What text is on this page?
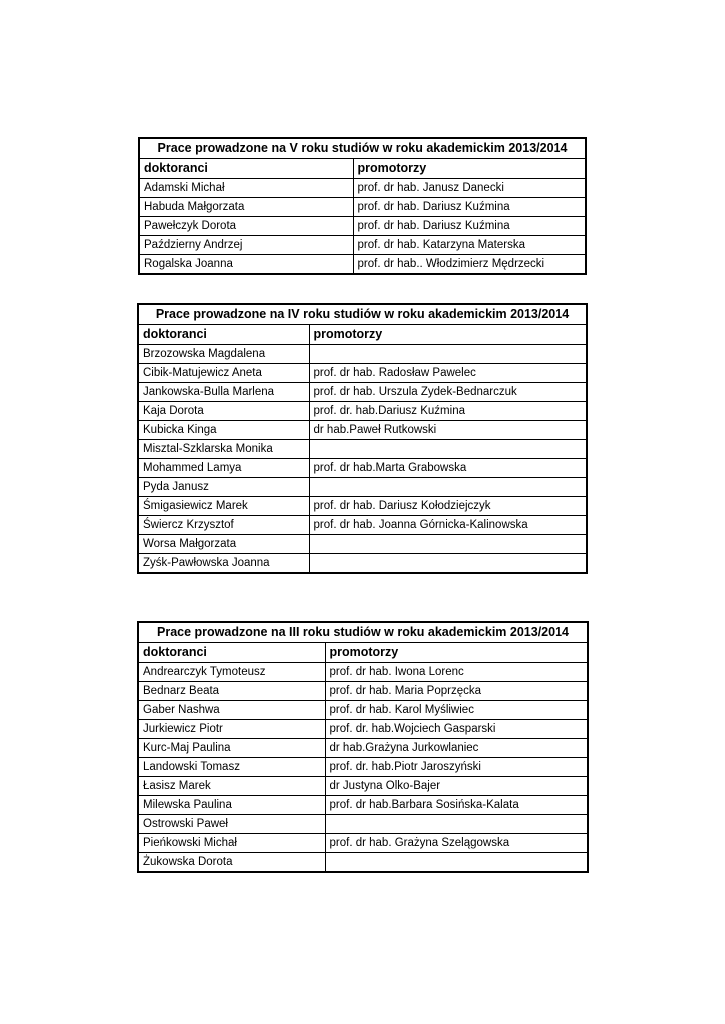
Prace prowadzone na V roku studiów w roku akademickim 2013/2014	
doktoranci	promotorzy
Adamski Michał	prof. dr hab. Janusz Danecki
Habuda Małgorzata	prof. dr hab. Dariusz Kuźmina
Pawełczyk Dorota	prof. dr hab. Dariusz Kuźmina
Październy Andrzej	prof. dr hab. Katarzyna Materska
Rogalska Joanna	prof. dr hab.. Włodzimierz Mędrzecki
Prace prowadzone na IV roku studiów w roku akademickim 2013/2014	
doktoranci	promotorzy
Brzozowska Magdalena	
Cibik-Matujewicz Aneta	prof. dr hab. Radosław Pawelec
Jankowska-Bulla Marlena	prof. dr hab. Urszula Zydek-Bednarczuk
Kaja Dorota	prof. dr. hab.Dariusz Kuźmina
Kubicka Kinga	dr hab.Paweł Rutkowski
Misztal-Szklarska Monika	
Mohammed Lamya	prof. dr hab.Marta Grabowska
Pyda Janusz	
Śmigasiewicz Marek	prof. dr hab. Dariusz Kołodziejczyk
Świercz Krzysztof	prof. dr hab. Joanna Górnicka-Kalinowska
Worsa Małgorzata	
Zyśk-Pawłowska Joanna	
Prace prowadzone na III roku studiów w roku akademickim 2013/2014	
doktoranci	promotorzy
Andrearczyk Tymoteusz	prof. dr hab. Iwona Lorenc
Bednarz Beata	prof. dr hab. Maria Poprzęcka
Gaber Nashwa	prof. dr hab. Karol Myśliwiec
Jurkiewicz Piotr	prof. dr. hab.Wojciech Gasparski
Kurc-Maj Paulina	dr hab.Grażyna Jurkowlaniec
Landowski Tomasz	prof. dr. hab.Piotr Jaroszyński
Łasisz Marek	dr Justyna Olko-Bajer
Milewska Paulina	prof. dr hab.Barbara Sosińska-Kalata
Ostrowski Paweł	
Pieńkowski Michał	prof. dr hab. Grażyna Szelągowska
Żukowska Dorota	
